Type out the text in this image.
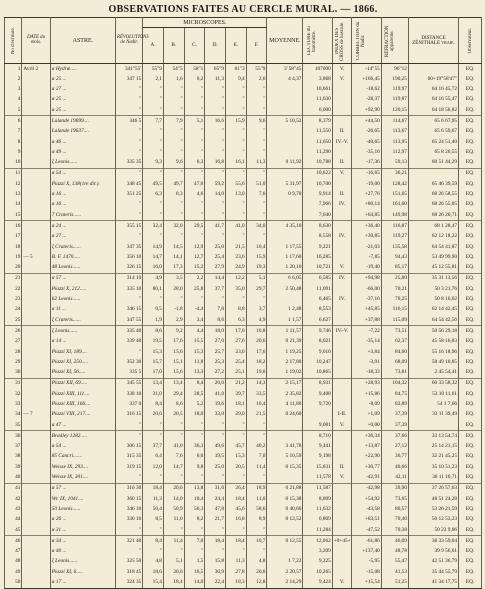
OBSERVATIONS FAITES AU CERCLE MURAL. — 1866.
No d'écriture.	DATE du mois.	ASTRE.	RÉVOLUTIONS de Nadir.	MICROSCOPES.						MOYENNE.	LECTURE du baromètre.	INDEX DES CROSS de bascule.	CORRECTION du Nadir.	RÉFRACTION apparente.	DISTANCE ZÉNITHALE vraie.	Observateur.

				A.	B.	C.	D.	E.	F.							
1	Avril 2	α Hydræ.....	341°55'	55"9	54"5	58"1	65"9	61"3	55"9	3' 58"45	107000	V.	-14"55	96"12		EQ.
2		α 25 ...	347 15	2,1	1,6	0,2	11,3	9,4	2,6	4 4,37	3,868	V.	+166,45	190,25	60+19°58'47"	EQ.
3		α 27 ...	"	"	"	"	"	"	"		10,661		-18,62	119,97	64 16 45,72	EQ.
4		α 25 ...	"	"	"	"	"	"	"		11,630		-28,37	119,87	64 16 55,47	EQ.
5		α 25 ...	"	"	"	"	"	"	"		6,000		+92,90	120,15	64 18 56,82	EQ.
6		Lalande 19699....	346 5	7,7	7,9	5,1	16,6	15,9	9,6	5 10,52	8,379		+44,50	114,67	65 6 67,95	EQ.
7		Lalande 19637....	"	"	"	"	"	"	"		11,550	II.	-26,65	113,67	65 6 59,67	EQ.
8		α 46 ...	"	"	"	"	"	"	"		11,650	IV.-V.	-40,65	113,95	65 24 51,40	EQ.
9		α 49 ...	"	"	"	"	"	"	"		11,290		-35,16	112,97	65 8 26,55	EQ.
10		ζ Leonis......	335 35	9,3	9,6	6,3	16,8	16,1	11,3	0 11,92	10,788	II.	-17,36	59,13	60 51 44,29	EQ.
11		α 54 ...	"	"	"	"	"	"	"		10,622	V.	-16,65	36,21		EQ.
12		Piazzi X, 138(1re dir.).	348 45	49,5	49,7	47,0	59,2	55,6	51,0	5 31,97	10,700		-19,00	128,42	65 46 39,59	EQ.
13		α 16 ...	351 25	6,3	8,3	4,6	14,0	13,0	7,6	0 9,70	9,914	II.	+27,76	151,65	68 26 58,55	EQ.
14		α 16 ...	"	"	"	"	"	"	"		7,966	IV.	+80,14	161,60	68 26 55,05	EQ.
15		7 Crateris......	"	"	"	"	"	"	"		7,640		+64,85	149,98	68 26 20,71	EQ.
16		α 24 ...	355 15	32,4	32,0	29,5	41,7	41,0	34,0	4 35,10	8,630		+36,40	116,87	68 1 28,47	EQ.
17		α 27 ...	"	"	"	"	"	"	"		8,558	IV.	+30,85	119,27	62 12 18,22	EQ.
18		ζ Crateris......	347 35	14,9	14,5	12,9	25,0	21,5	16,4	1 17,55	9,221		-21,03	135,58	64 54 41,87	EQ.
19	— 5	B. F. 1470.....	356 10	14,7	14,1	12,7	25,4	23,6	15,9	1 17,60	10,285		-7,85	94,43	53 49 99,90	EQ.
20		48 Leonis......	326 15	16,0	17,3	15,2	27,9	24,9	19,3	1 20,10	10,721	V.	-19,40	85,17	45 12 55,81	EQ.
21		α 57 ...	314 10	4,9	3,5	2,2	14,4	12,2	5,1	6 6,05	6,585	IV.	+94,98	25,80	35 31 13,56	EQ.
22		Piazzi X, 212.....	335 10	80,1	28,0	25,8	37,7	35,0	29,7	2 50,48	11,091		-66,00	70,21	50 3 21,76	EQ.
23		62 Leonis......	"	"	"	"	"	"	"		6,465	IV.	-37,16	70,25	50 8 16,02	EQ.
24		α 11 ...	346 15	0,5	-1,8	-4,4	7,8	8,8	3,7	1 2,48	8,553		+45,85	116,15	62 14 42,45	EQ.
25		ζ Crateris......	347 55	1,9	2,9	3,4	8,6	6,3	4,9	1 1,57	6,627		+37,88	115,09	64 54 42,56	EQ.
26		ζ Leonis......	335 40	8,6	9,2	4,4	18,0	17,0	10,8	1 11,57	9,746	IV.-V.	-7,22	73,51	50 56 29,18	EQ.
27		α 14 ...	339 40	19,5	17,6	15,5	27,0	27,6	20,6	0 21,39	8,021		-35,14	62,37	45 58 16,83	EQ.
28		Piazzi XI, 189....	"	15,3	15,6	15,3	25,7	23,0	17,6	1 19,25	9,016		+3,84	84,60	55 16 18,96	EQ.
29		Piazzi XI, 250.....	352 30	15,7	15,1	11,8	25,3	25,4	18,2	2 17,80	10,247		-3,91	68,09	58 49 10,05	EQ.
30		Piazzi XI, 56.....	335 5	17,0	15,6	13,3	27,2	25,1	19,0	1 19,02	10,865		-18,33	73,81	2 45 54,41	EQ.
31		Piazzi XII, 69.....	345 55	13,4	13,4	8,4	20,0	21,2	14,3	2 15,17	8,931		+28,93	104,32	60 33 58,32	EQ.
32		Piazzi XIII, 111....	338 10	31,0	29,4	28,5	41,0	39,7	33,5	2 35,82	9,408		+15,86	84,75	53 10 11,61	EQ.
33		Piazzi XIII, 166....	337 0	8,4	8,6	5,2	19,6	18,1	10,4	4 11,80	9,720		-8,09	82,89	54 1 7,66	EQ.
34	— 7	Piazzi VIII, 217....	316 15	20,6	20,5	18,0	33,0	29,0	21,5	0 24,60		I-II.	+1,09	37,39	33 11 39,49	EQ.
35		α 47 ...	"	"	"	"	"	"	"		9,081	V.	+0,00	37,39		EQ.
36		Bradley 1282.....	"	"	"	"	"	"	"		8,710		+36,34	37,66	33 13 54,74	EQ.
37		α 54 ...	306 15	37,7	41,0	36,3	49,6	45,7	40,2	3 41,78	9,441		+13,87	27,12	25 14 21,15	EQ.
38		85 Cancri.......	315 35	6,4	7,6	6,0	19,5	15,3	7,0	5 10,59	9,198		+22,90	36,77	32 21 45,25	EQ.
39		Weisse IX, 293....	319 15	12,0	14,7	9,8	25,0	20,5	11,4	0 15,35	15,031	II.	+30,77	40,66	35 10 51,23	EQ.
40		Weisse IX, 301....	"	"	"	"	"	"	"		11,578	V.	-42,91	42,11	36 11 10,71	EQ.
41		α 57 ...	316 30	18,4	20,6	13,8	31,0	26,4	18,9	0 21,88	11,587		-42,98	39,90	37 26 57,63	EQ.
42		Wr. IX, 1041....	360 15	11,3	14,0	10,4	24,4	18,4	11,0	0 15,38	8,809		+54,92	73,65	48 51 24,28	EQ.
43		50 Leonis......	346 10	50,4	50,9	56,3	47,8	45,6	58,6	0 40,60	11,632		-43,58	80,57	53 26 21,59	EQ.
44		α 26 ...	330 10	8,5	11,0	8,2	21,7	16,8	8,9	0 12,52	6,809		+83,51	70,40	50 12 53,23	EQ.
45		α 31 ...	"	"	"	"	"	"	"		11,284		-47,52	70,38	50 23 9,06	EQ.
46		α 34 ...	321 40	8,4	11,4	7,0	18,4	18,4	10,7	0 12,55	12,062	+0+45+	-61,86	46,09	38 33 59,04	EQ.
47		α 40 ...	"	"	"	"	"	"	"		3,209		+137,40	48,78	39 9 56,61	EQ.
48		ζ Leonis......	325 50	4,8	5,1	1,5	15,8	11,3	4,8	1 7,22	9,225		-5,95	55,47	42 51 36,79	EQ.
49		Piazzi XI, 6.....	318 45	18,6	20,6	16,5	30,9	27,8	20,0	2 20,57	10,265		-15,08	41,53	35 44 55,79	EQ.
50		α 17 ...	324 35	15,4	18,4	14,0	22,4	18,3	12,8	2 14,29	9,424	V.	+15,54	51,25	41 34 17,75	EQ.
